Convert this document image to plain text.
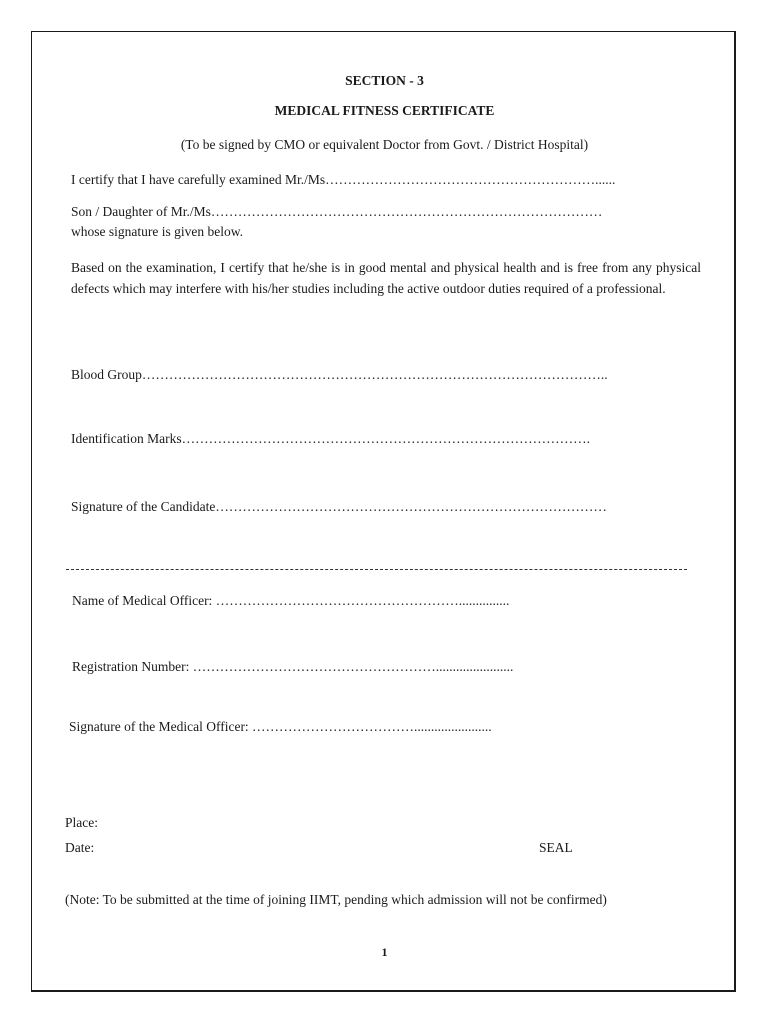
SECTION - 3
MEDICAL FITNESS CERTIFICATE
(To be signed by CMO or equivalent Doctor from Govt. / District Hospital)
I certify that I have carefully examined Mr./Ms……………………………………………………......
Son / Daughter of Mr./Ms……………………………………………………………………………
whose signature is given below.
Based on the examination, I certify that he/she is in good mental and physical health and is free from any physical defects which may interfere with his/her studies including the active outdoor duties required of a professional.
Blood Group…………………………………………………………………………………………..
Identification Marks……………………………………………………………………………….
Signature of the Candidate……………………………………………………………………………
Name of Medical Officer: ………………………………………………...............
Registration Number: ……………………………………………….......................
Signature of the Medical Officer: ……………………………….......................
Place:
Date:	SEAL
(Note: To be submitted at the time of joining IIMT, pending which admission will not be confirmed)
1
